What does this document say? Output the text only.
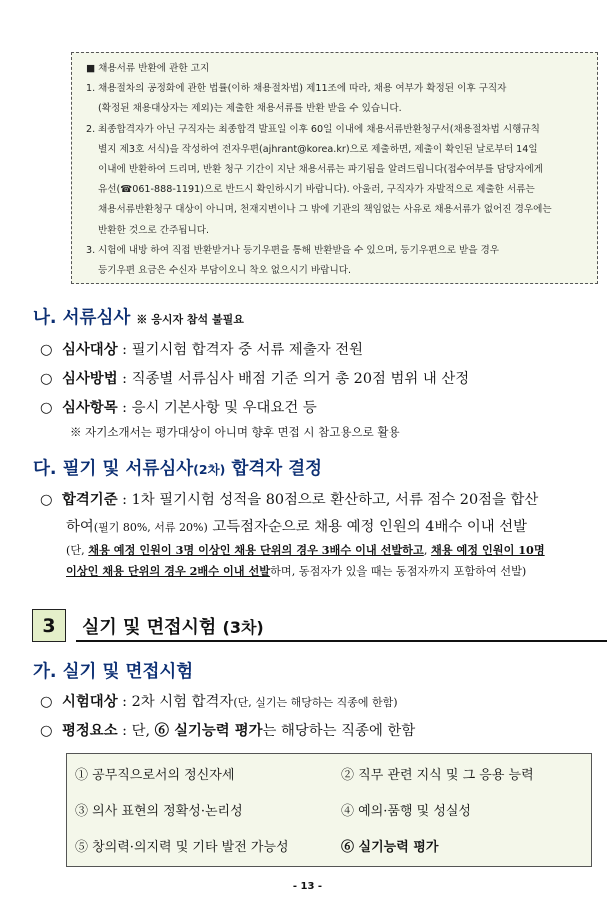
■ 채용서류 반환에 관한 고지
1. 채용절차의 공정화에 관한 법률(이하 채용절차법) 제11조에 따라, 채용 여부가 확정된 이후 구직자
(확정된 채용대상자는 제외)는 제출한 채용서류를 반환 받을 수 있습니다.
2. 최종합격자가 아닌 구직자는 최종합격 발표일 이후 60일 이내에 채용서류반환청구서(채용절차법 시행규칙
별지 제3호 서식)을 작성하여 전자우편(ajhrant@korea.kr)으로 제출하면, 제출이 확인된 날로부터 14일
이내에 반환하여 드리며, 반환 청구 기간이 지난 채용서류는 파기됨을 알려드립니다(접수여부를 담당자에게
유선(☎061-888-1191)으로 반드시 확인하시기 바랍니다). 아울러, 구직자가 자발적으로 제출한 서류는
채용서류반환청구 대상이 아니며, 천재지변이나 그 밖에 기관의 책임없는 사유로 채용서류가 없어진 경우에는
반환한 것으로 간주됩니다.
3. 시험에 내방 하여 직접 반환받거나 등기우편을 통해 반환받을 수 있으며, 등기우편으로 받을 경우
등기우편 요금은 수신자 부담이오니 착오 없으시기 바랍니다.
나. 서류심사 ※ 응시자 참석 불필요
○ 심사대상 : 필기시험 합격자 중 서류 제출자 전원
○ 심사방법 : 직종별 서류심사 배점 기준 의거 총 20점 범위 내 산정
○ 심사항목 : 응시 기본사항 및 우대요건 등
※ 자기소개서는 평가대상이 아니며 향후 면접 시 참고용으로 활용
다. 필기 및 서류심사(2차) 합격자 결정
○ 합격기준 : 1차 필기시험 성적을 80점으로 환산하고, 서류 점수 20점을 합산
하여(필기 80%, 서류 20%) 고득점자순으로 채용 예정 인원의 4배수 이내 선발
(단, 채용 예정 인원이 3명 이상인 채용 단위의 경우 3배수 이내 선발하고, 채용 예정 인원이 10명
이상인 채용 단위의 경우 2배수 이내 선발하며, 동점자가 있을 때는 동점자까지 포함하여 선발)
3	실기 및 면접시험 (3차)
가. 실기 및 면접시험
○ 시험대상 : 2차 시험 합격자(단, 실기는 해당하는 직종에 한함)
○ 평정요소 : 단, ⑥ 실기능력 평가는 해당하는 직종에 한함
① 공무직으로서의 정신자세	② 직무 관련 지식 및 그 응용 능력
③ 의사 표현의 정확성·논리성	④ 예의·품행 및 성실성
⑤ 창의력·의지력 및 기타 발전 가능성	⑥ 실기능력 평가
- 13 -
